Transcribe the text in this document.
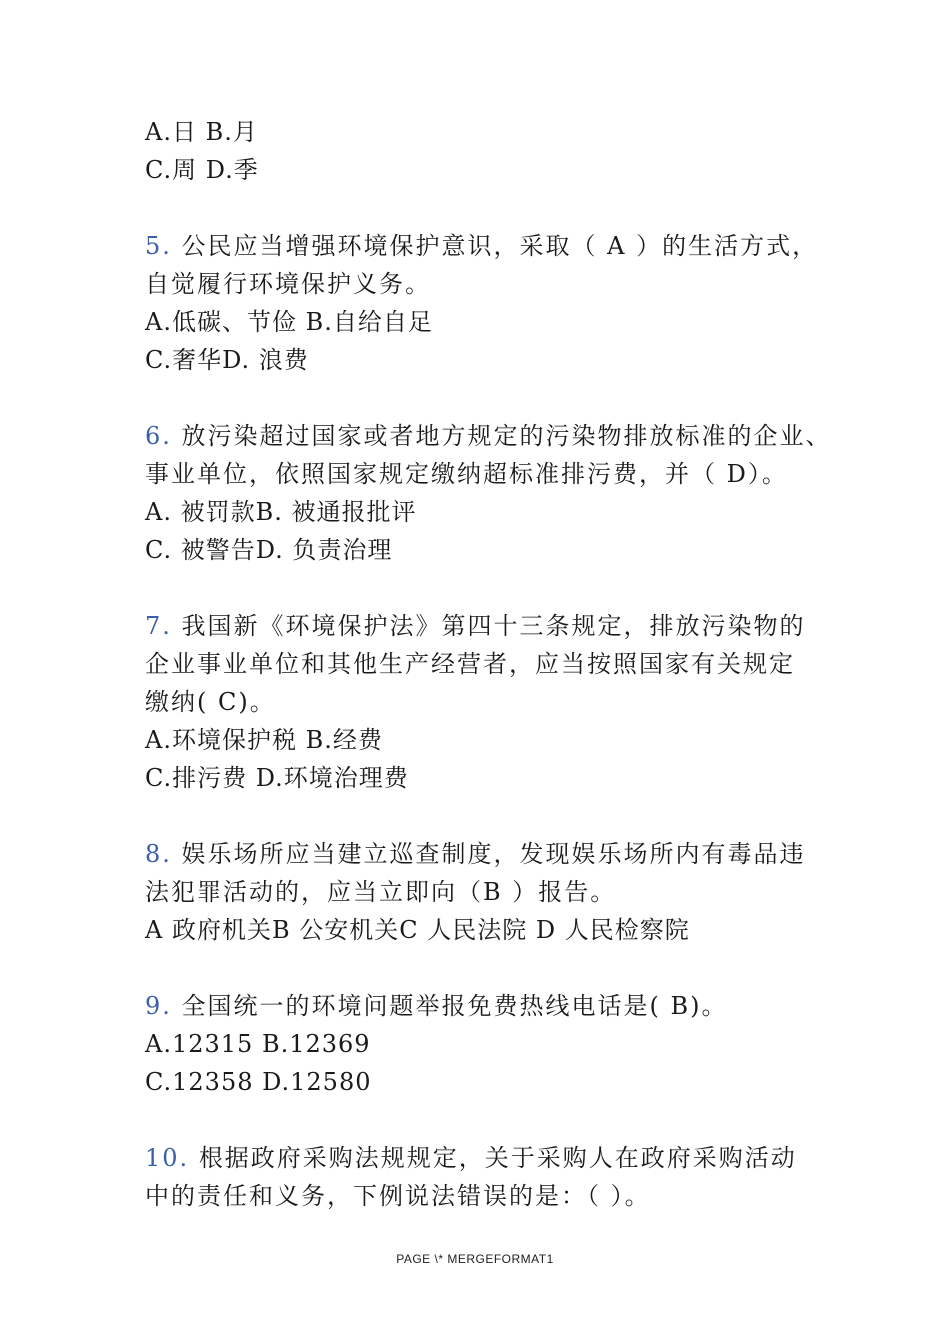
A.日 B.月
C.周 D.季
5. 公民应当增强环境保护意识，采取（ A ）的生活方式，
自觉履行环境保护义务。
A.低碳、节俭 B.自给自足
C.奢华D. 浪费
6. 放污染超过国家或者地方规定的污染物排放标准的企业、
事业单位，依照国家规定缴纳超标准排污费，并（ D）。
A. 被罚款B. 被通报批评
C. 被警告D. 负责治理
7. 我国新《环境保护法》第四十三条规定，排放污染物的
企业事业单位和其他生产经营者，应当按照国家有关规定
缴纳( C)。
A.环境保护税 B.经费
C.排污费 D.环境治理费
8. 娱乐场所应当建立巡查制度，发现娱乐场所内有毒品违
法犯罪活动的，应当立即向（B ）报告。
A 政府机关B 公安机关C 人民法院 D 人民检察院
9. 全国统一的环境问题举报免费热线电话是( B)。
A.12315 B.12369
C.12358 D.12580
10. 根据政府采购法规规定，关于采购人在政府采购活动
中的责任和义务，下例说法错误的是：（ ）。
PAGE \* MERGEFORMAT1
